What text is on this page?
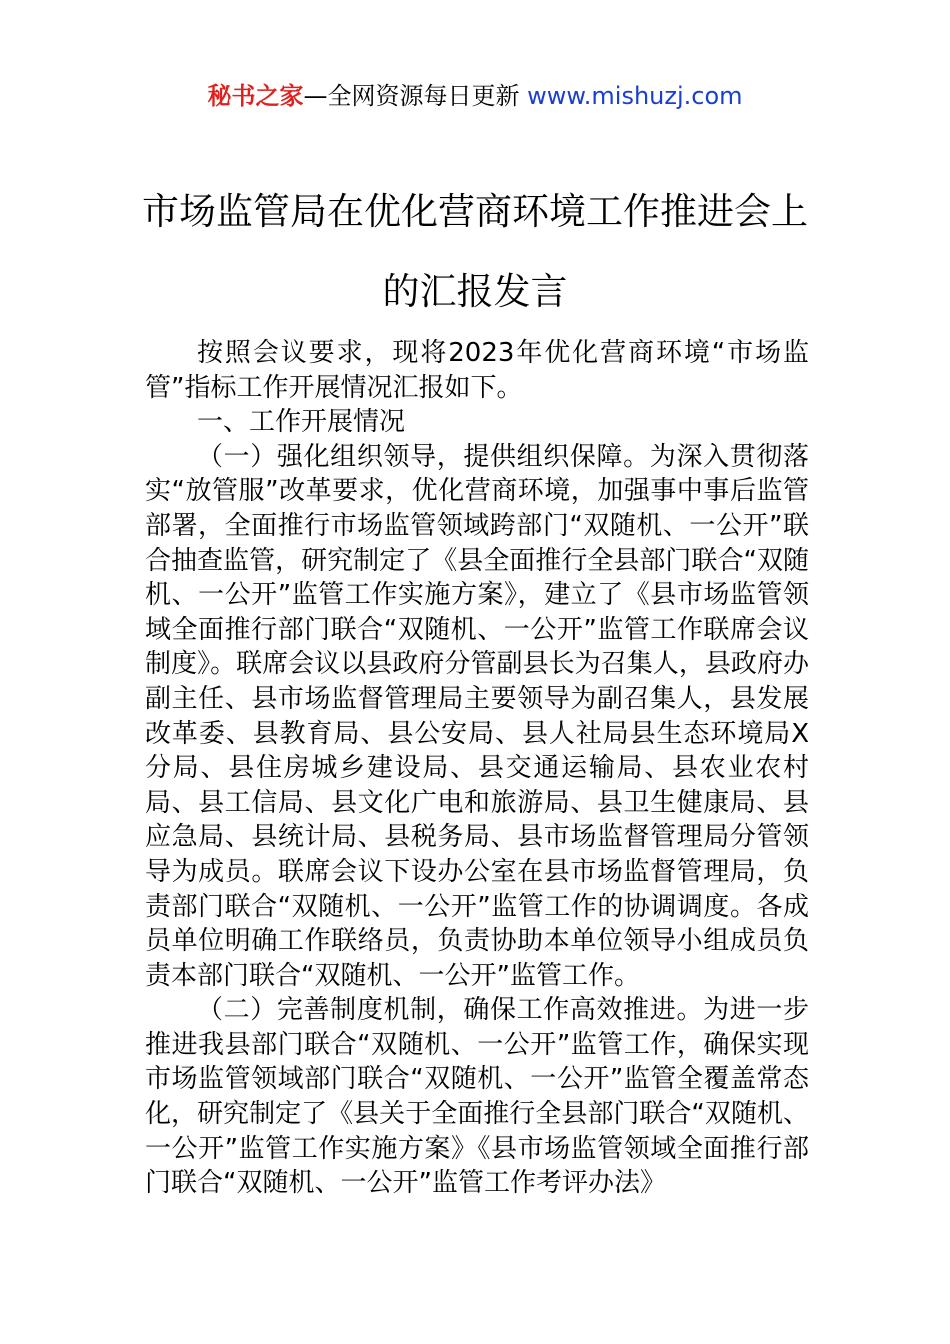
秘书之家—全网资源每日更新 www.mishuzj.com
市场监管局在优化营商环境工作推进会上
的汇报发言

按照会议要求，现将2023年优化营商环境“市场监管”指标工作开展情况汇报如下。

一、工作开展情况

（一）强化组织领导，提供组织保障。为深入贯彻落实“放管服”改革要求，优化营商环境，加强事中事后监管部署，全面推行市场监管领域跨部门“双随机、一公开”联合抽查监管，研究制定了《县全面推行全县部门联合“双随机、一公开”监管工作实施方案》，建立了《县市场监管领域全面推行部门联合“双随机、一公开”监管工作联席会议制度》。联席会议以县政府分管副县长为召集人，县政府办副主任、县市场监督管理局主要领导为副召集人，县发展改革委、县教育局、县公安局、县人社局县生态环境局X分局、县住房城乡建设局、县交通运输局、县农业农村局、县工信局、县文化广电和旅游局、县卫生健康局、县应急局、县统计局、县税务局、县市场监督管理局分管领导为成员。联席会议下设办公室在县市场监督管理局，负责部门联合“双随机、一公开”监管工作的协调调度。各成员单位明确工作联络员，负责协助本单位领导小组成员负责本部门联合“双随机、一公开”监管工作。

（二）完善制度机制，确保工作高效推进。为进一步推进我县部门联合“双随机、一公开”监管工作，确保实现市场监管领域部门联合“双随机、一公开”监管全覆盖常态化，研究制定了《县关于全面推行全县部门联合“双随机、一公开”监管工作实施方案》《县市场监管领域全面推行部门联合“双随机、一公开”监管工作考评办法》
